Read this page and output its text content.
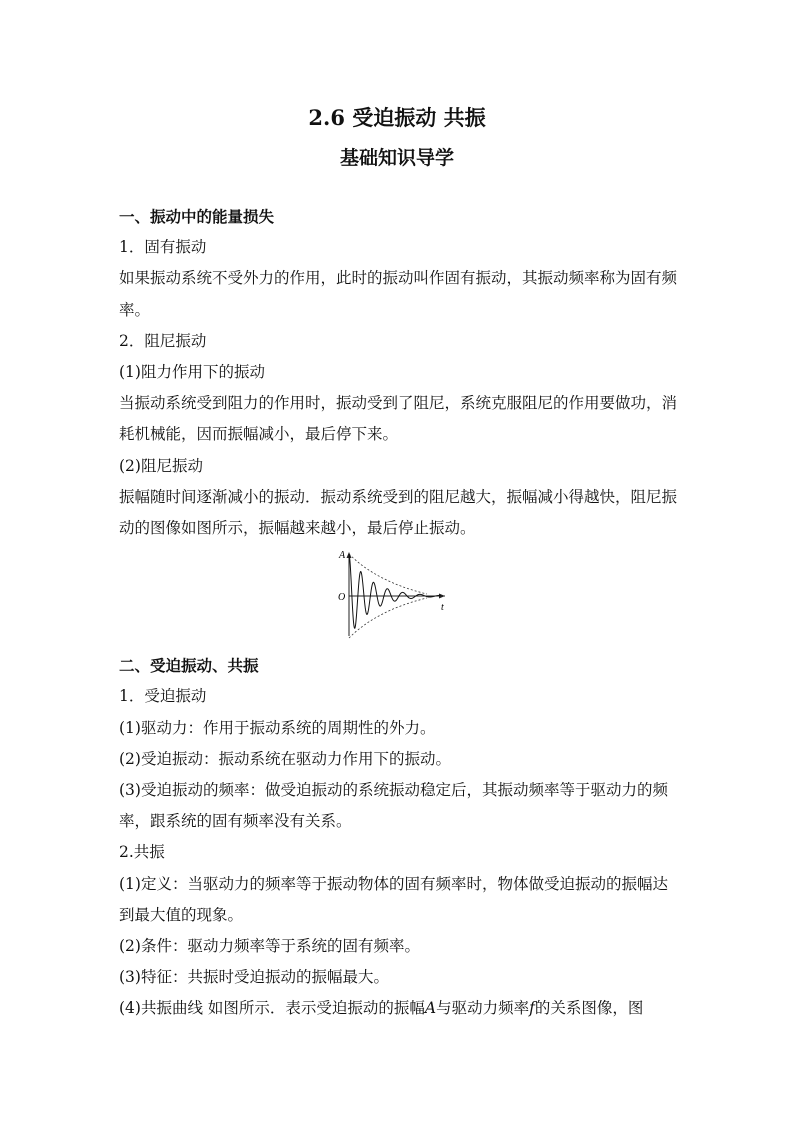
2.6 受迫振动 共振
基础知识导学

一、振动中的能量损失

1．固有振动

如果振动系统不受外力的作用，此时的振动叫作固有振动，其振动频率称为固有频率。

2．阻尼振动

(1)阻力作用下的振动

当振动系统受到阻力的作用时，振动受到了阻尼，系统克服阻尼的作用要做功，消耗机械能，因而振幅减小，最后停下来。

(2)阻尼振动

振幅随时间逐渐减小的振动．振动系统受到的阻尼越大，振幅减小得越快，阻尼振动的图像如图所示，振幅越来越小，最后停止振动。

A
O
t

二、受迫振动、共振

1．受迫振动

(1)驱动力：作用于振动系统的周期性的外力。

(2)受迫振动：振动系统在驱动力作用下的振动。

(3)受迫振动的频率：做受迫振动的系统振动稳定后，其振动频率等于驱动力的频率，跟系统的固有频率没有关系。

2.共振

(1)定义：当驱动力的频率等于振动物体的固有频率时，物体做受迫振动的振幅达到最大值的现象。

(2)条件：驱动力频率等于系统的固有频率。

(3)特征：共振时受迫振动的振幅最大。

(4)共振曲线 如图所示．表示受迫振动的振幅A与驱动力频率f的关系图像，图
